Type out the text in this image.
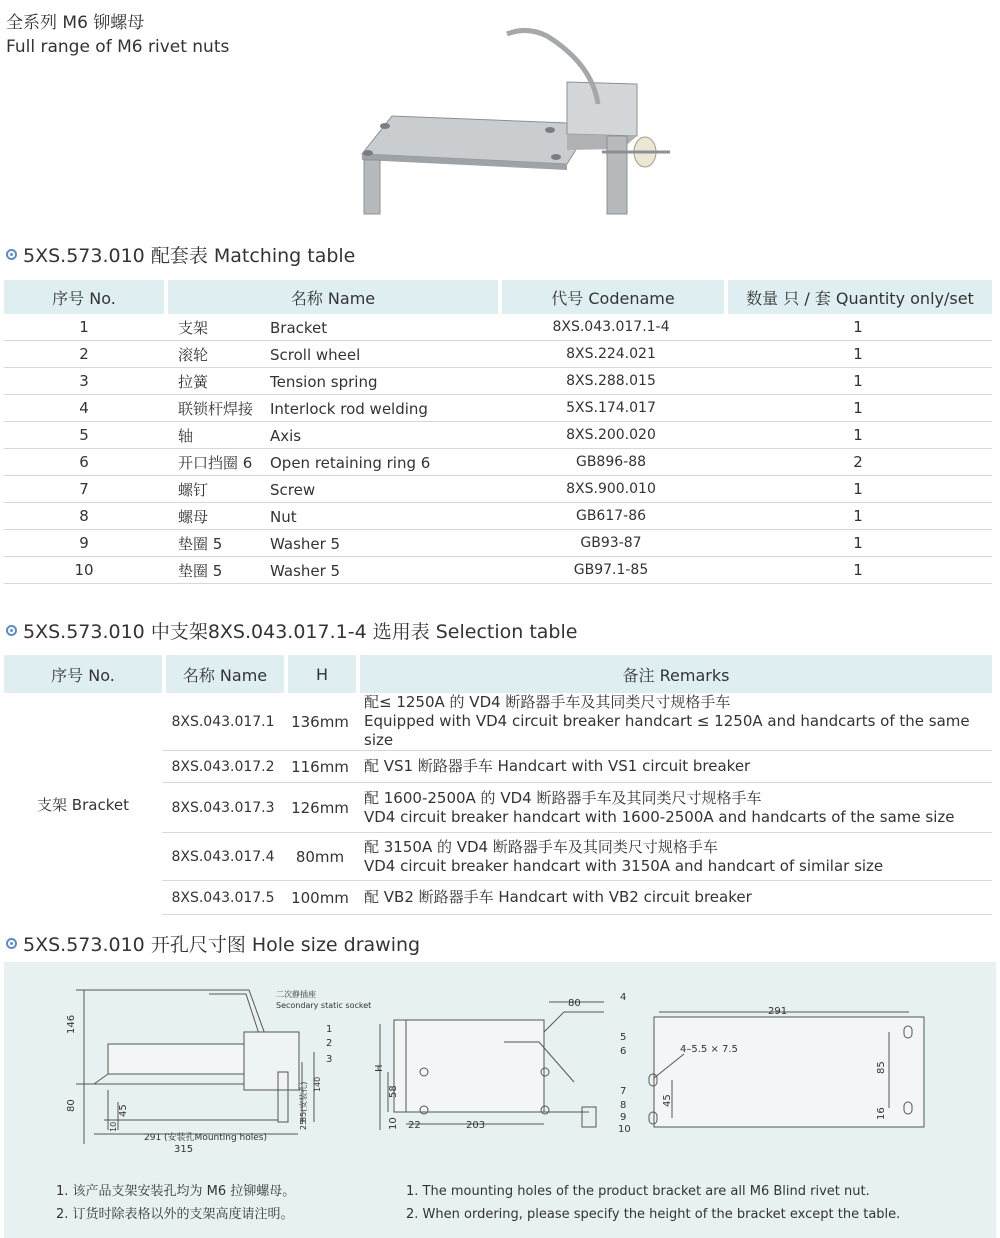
全系列 M6 铆螺母
Full range of M6 rivet nuts
5XS.573.010 配套表 Matching table
序号 No.	名称 Name	代号 Codename	数量 只 / 套 Quantity only/set
1	支架 Bracket	8XS.043.017.1-4	1
2	滚轮 Scroll wheel	8XS.224.021	1
3	拉簧 Tension spring	8XS.288.015	1
4	联锁杆焊接 Interlock rod welding	5XS.174.017	1
5	轴 Axis	8XS.200.020	1
6	开口挡圈 6 Open retaining ring 6	GB896-88	2
7	螺钉 Screw	8XS.900.010	1
8	螺母 Nut	GB617-86	1
9	垫圈 5 Washer 5	GB93-87	1
10	垫圈 5 Washer 5	GB97.1-85	1
5XS.573.010 中支架8XS.043.017.1-4 选用表 Selection table
序号 No.	名称 Name	H	备注 Remarks
支架 Bracket	8XS.043.017.1	136mm	配≤ 1250A 的 VD4 断路器手车及其同类尺寸规格手车
Equipped with VD4 circuit breaker handcart ≤ 1250A and handcarts of the same size

	8XS.043.017.2	116mm	配 VS1 断路器手车 Handcart with VS1 circuit breaker

	8XS.043.017.3	126mm	配 1600-2500A 的 VD4 断路器手车及其同类尺寸规格手车
VD4 circuit breaker handcart with 1600-2500A and handcarts of the same size

	8XS.043.017.4	80mm	配 3150A 的 VD4 断路器手车及其同类尺寸规格手车
VD4 circuit breaker handcart with 3150A and handcart of similar size

	8XS.043.017.5	100mm	配 VB2 断路器手车 Handcart with VB2 circuit breaker
5XS.573.010 开孔尺寸图 Hole size drawing
146
80	45
10
291 (安装孔Mounting holes)
315
二次静插座
Secondary static socket
1
2
3
85(安装孔) 140
25
H
58
10 22	203
80
4
5
6
7
8
9
10
291
4–5.5 × 7.5
45
85
16
1. 该产品支架安装孔均为 M6 拉铆螺母。
2. 订货时除表格以外的支架高度请注明。
1. The mounting holes of the product bracket are all M6 Blind rivet nut.
2. When ordering, please specify the height of the bracket except the table.
